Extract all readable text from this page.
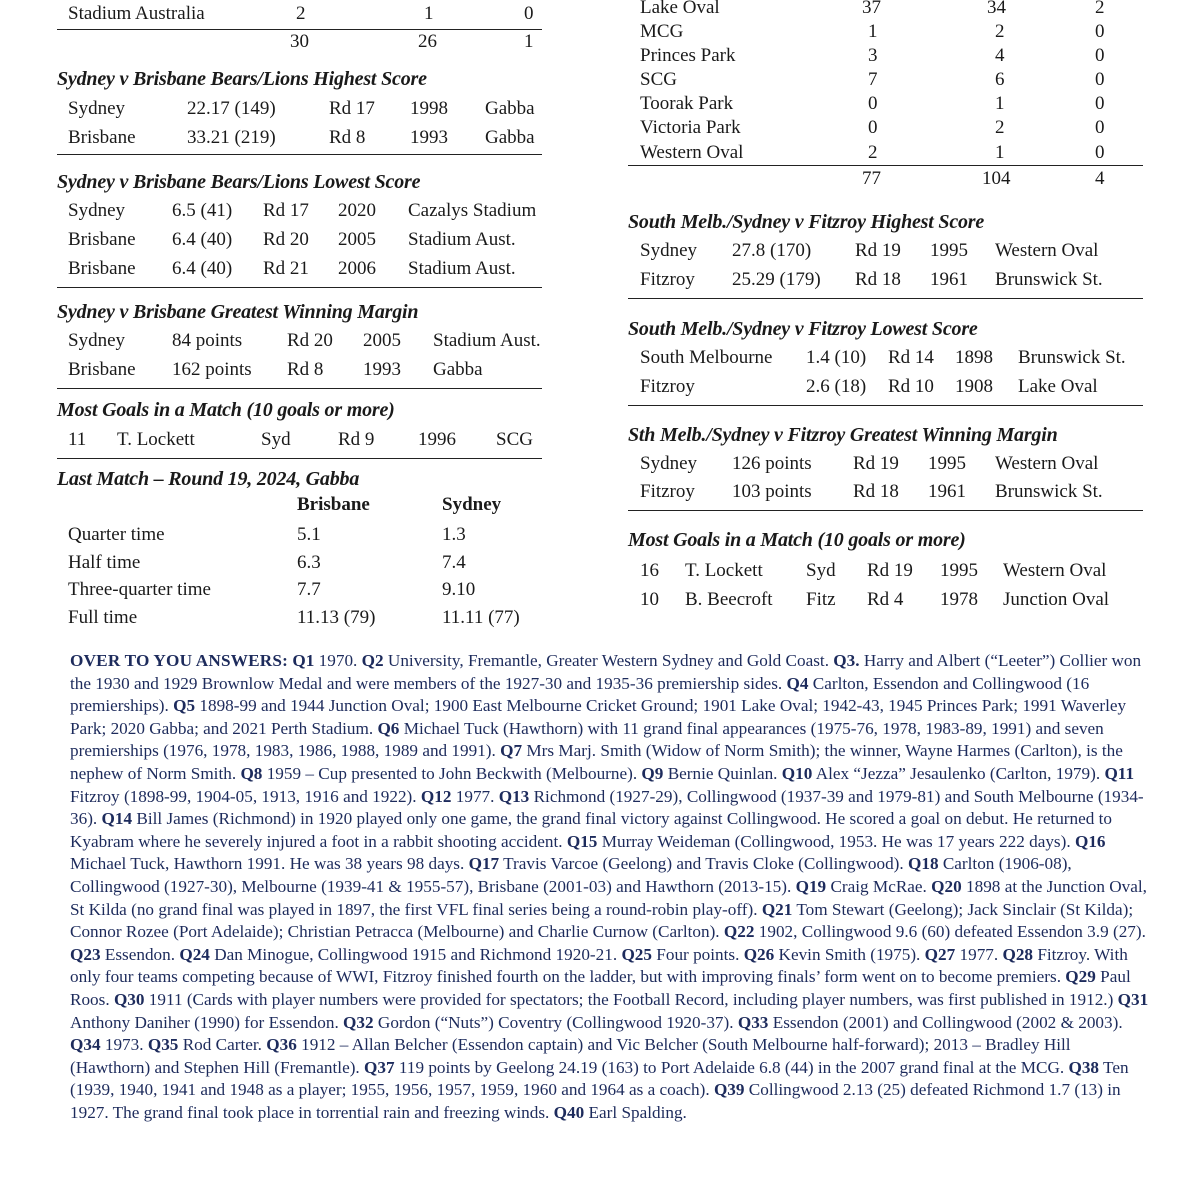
Stadium Australia	2	1	0
30	26	1
Sydney v Brisbane Bears/Lions Highest Score
Sydney	22.17 (149)	Rd 17 1998 Gabba
Brisbane	33.21 (219)	Rd 8 1993 Gabba
Sydney v Brisbane Bears/Lions Lowest Score
Sydney 6.5 (41) Rd 17 2020 Cazalys Stadium
Brisbane 6.4 (40) Rd 20 2005 Stadium Aust.
Brisbane 6.4 (40) Rd 21 2006 Stadium Aust.
Sydney v Brisbane Greatest Winning Margin
Sydney 84 points Rd 20 2005 Stadium Aust.
Brisbane 162 points Rd 8 1993 Gabba
Most Goals in a Match (10 goals or more)
11 T. Lockett	Syd Rd 9 1996 SCG
Last Match – Round 19, 2024, Gabba
Brisbane	Sydney
Quarter time	5.1	1.3
Half time	6.3	7.4
Three-quarter time	7.7	9.10
Full time	11.13 (79)	11.11 (77)
Lake Oval	37	34	2
MCG	1	2	0
Princes Park	3	4	0
SCG	7	6	0
Toorak Park	0	1	0
Victoria Park	0	2	0
Western Oval	2	1	0
77	104	4
South Melb./Sydney v Fitzroy Highest Score
Sydney 27.8 (170) Rd 19 1995 Western Oval
Fitzroy 25.29 (179) Rd 18 1961 Brunswick St.
South Melb./Sydney v Fitzroy Lowest Score
South Melbourne 1.4 (10) Rd 14 1898 Brunswick St.
Fitzroy	2.6 (18) Rd 10 1908 Lake Oval
Sth Melb./Sydney v Fitzroy Greatest Winning Margin
Sydney 126 points Rd 19 1995 Western Oval
Fitzroy 103 points Rd 18 1961 Brunswick St.
Most Goals in a Match (10 goals or more)
16 T. Lockett Syd Rd 19 1995 Western Oval
10 B. Beecroft Fitz Rd 4 1978 Junction Oval
OVER TO YOU ANSWERS: Q1 1970. Q2 University, Fremantle, Greater Western Sydney and Gold Coast. Q3. Harry and Albert (“Leeter”) Collier won the 1930 and 1929 Brownlow Medal and were members of the 1927-30 and 1935-36 premiership sides. Q4 Carlton, Essendon and Collingwood (16 premierships). Q5 1898-99 and 1944 Junction Oval; 1900 East Melbourne Cricket Ground; 1901 Lake Oval; 1942-43, 1945 Princes Park; 1991 Waverley Park; 2020 Gabba; and 2021 Perth Stadium. Q6 Michael Tuck (Hawthorn) with 11 grand final appearances (1975-76, 1978, 1983-89, 1991) and seven premierships (1976, 1978, 1983, 1986, 1988, 1989 and 1991). Q7 Mrs Marj. Smith (Widow of Norm Smith); the winner, Wayne Harmes (Carlton), is the nephew of Norm Smith. Q8 1959 – Cup presented to John Beckwith (Melbourne). Q9 Bernie Quinlan. Q10 Alex “Jezza” Jesaulenko (Carlton, 1979). Q11 Fitzroy (1898-99, 1904-05, 1913, 1916 and 1922). Q12 1977. Q13 Richmond (1927-29), Collingwood (1937-39 and 1979-81) and South Melbourne (1934-36). Q14 Bill James (Richmond) in 1920 played only one game, the grand final victory against Collingwood. He scored a goal on debut. He returned to Kyabram where he severely injured a foot in a rabbit shooting accident. Q15 Murray Weideman (Collingwood, 1953. He was 17 years 222 days). Q16 Michael Tuck, Hawthorn 1991. He was 38 years 98 days. Q17 Travis Varcoe (Geelong) and Travis Cloke (Collingwood). Q18 Carlton (1906-08), Collingwood (1927-30), Melbourne (1939-41 & 1955-57), Brisbane (2001-03) and Hawthorn (2013-15). Q19 Craig McRae. Q20 1898 at the Junction Oval, St Kilda (no grand final was played in 1897, the first VFL final series being a round-robin play-off). Q21 Tom Stewart (Geelong); Jack Sinclair (St Kilda); Connor Rozee (Port Adelaide); Christian Petracca (Melbourne) and Charlie Curnow (Carlton). Q22 1902, Collingwood 9.6 (60) defeated Essendon 3.9 (27). Q23 Essendon. Q24 Dan Minogue, Collingwood 1915 and Richmond 1920-21. Q25 Four points. Q26 Kevin Smith (1975). Q27 1977. Q28 Fitzroy. With only four teams competing because of WWI, Fitzroy finished fourth on the ladder, but with improving finals’ form went on to become premiers. Q29 Paul Roos. Q30 1911 (Cards with player numbers were provided for spectators; the Football Record, including player numbers, was first published in 1912.) Q31 Anthony Daniher (1990) for Essendon. Q32 Gordon (“Nuts”) Coventry (Collingwood 1920-37). Q33 Essendon (2001) and Collingwood (2002 & 2003). Q34 1973. Q35 Rod Carter. Q36 1912 – Allan Belcher (Essendon captain) and Vic Belcher (South Melbourne half-forward); 2013 – Bradley Hill (Hawthorn) and Stephen Hill (Fremantle). Q37 119 points by Geelong 24.19 (163) to Port Adelaide 6.8 (44) in the 2007 grand final at the MCG. Q38 Ten (1939, 1940, 1941 and 1948 as a player; 1955, 1956, 1957, 1959, 1960 and 1964 as a coach). Q39 Collingwood 2.13 (25) defeated Richmond 1.7 (13) in 1927. The grand final took place in torrential rain and freezing winds. Q40 Earl Spalding.
